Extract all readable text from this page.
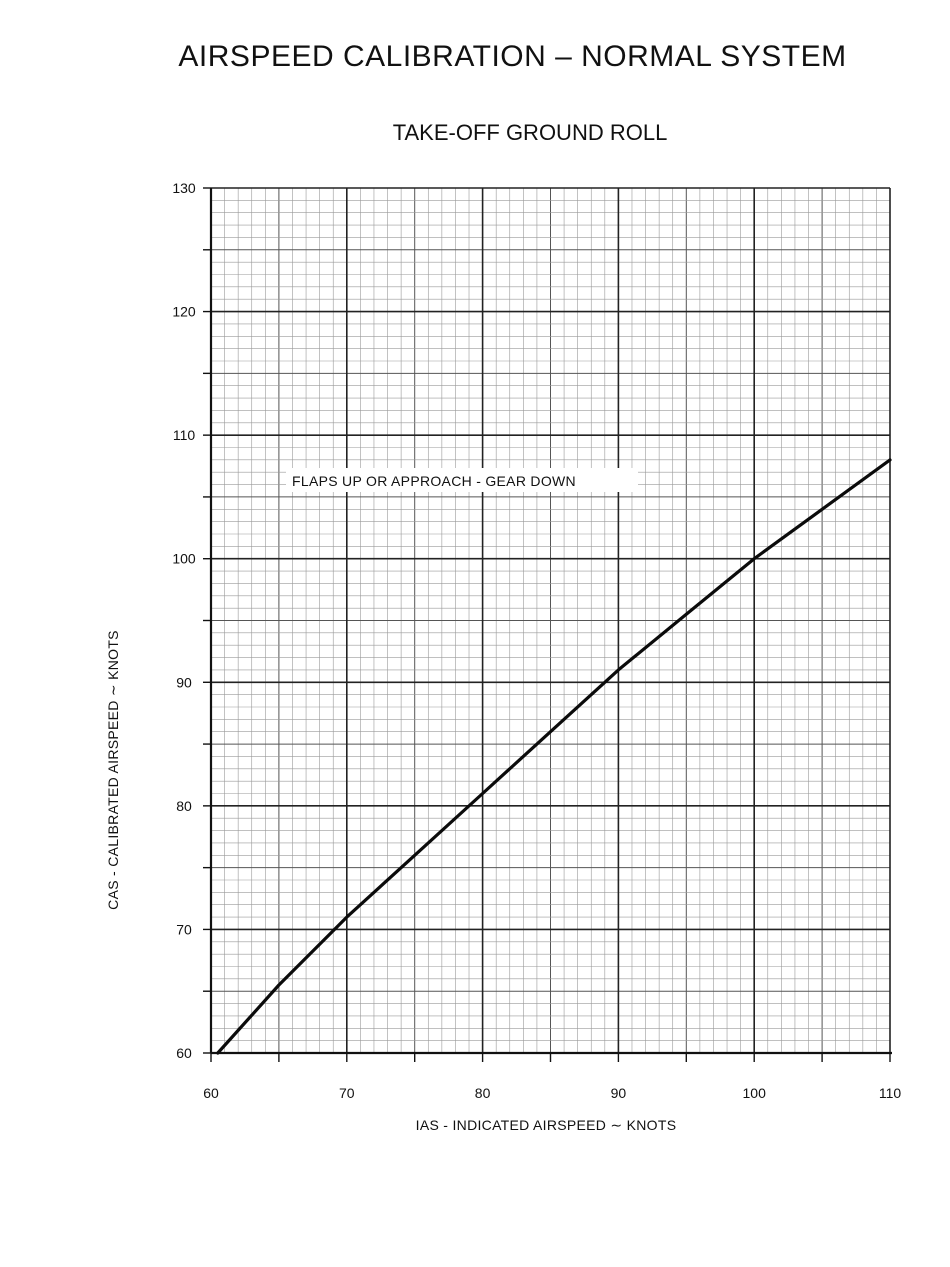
AIRSPEED CALIBRATION – NORMAL SYSTEM
TAKE-OFF GROUND ROLL
60
70
80
90
100
110
120
130
60	70	80	90	100	110
FLAPS UP OR APPROACH - GEAR DOWN
IAS - INDICATED AIRSPEED ∼ KNOTS
CAS - CALIBRATED AIRSPEED ∼ KNOTS
